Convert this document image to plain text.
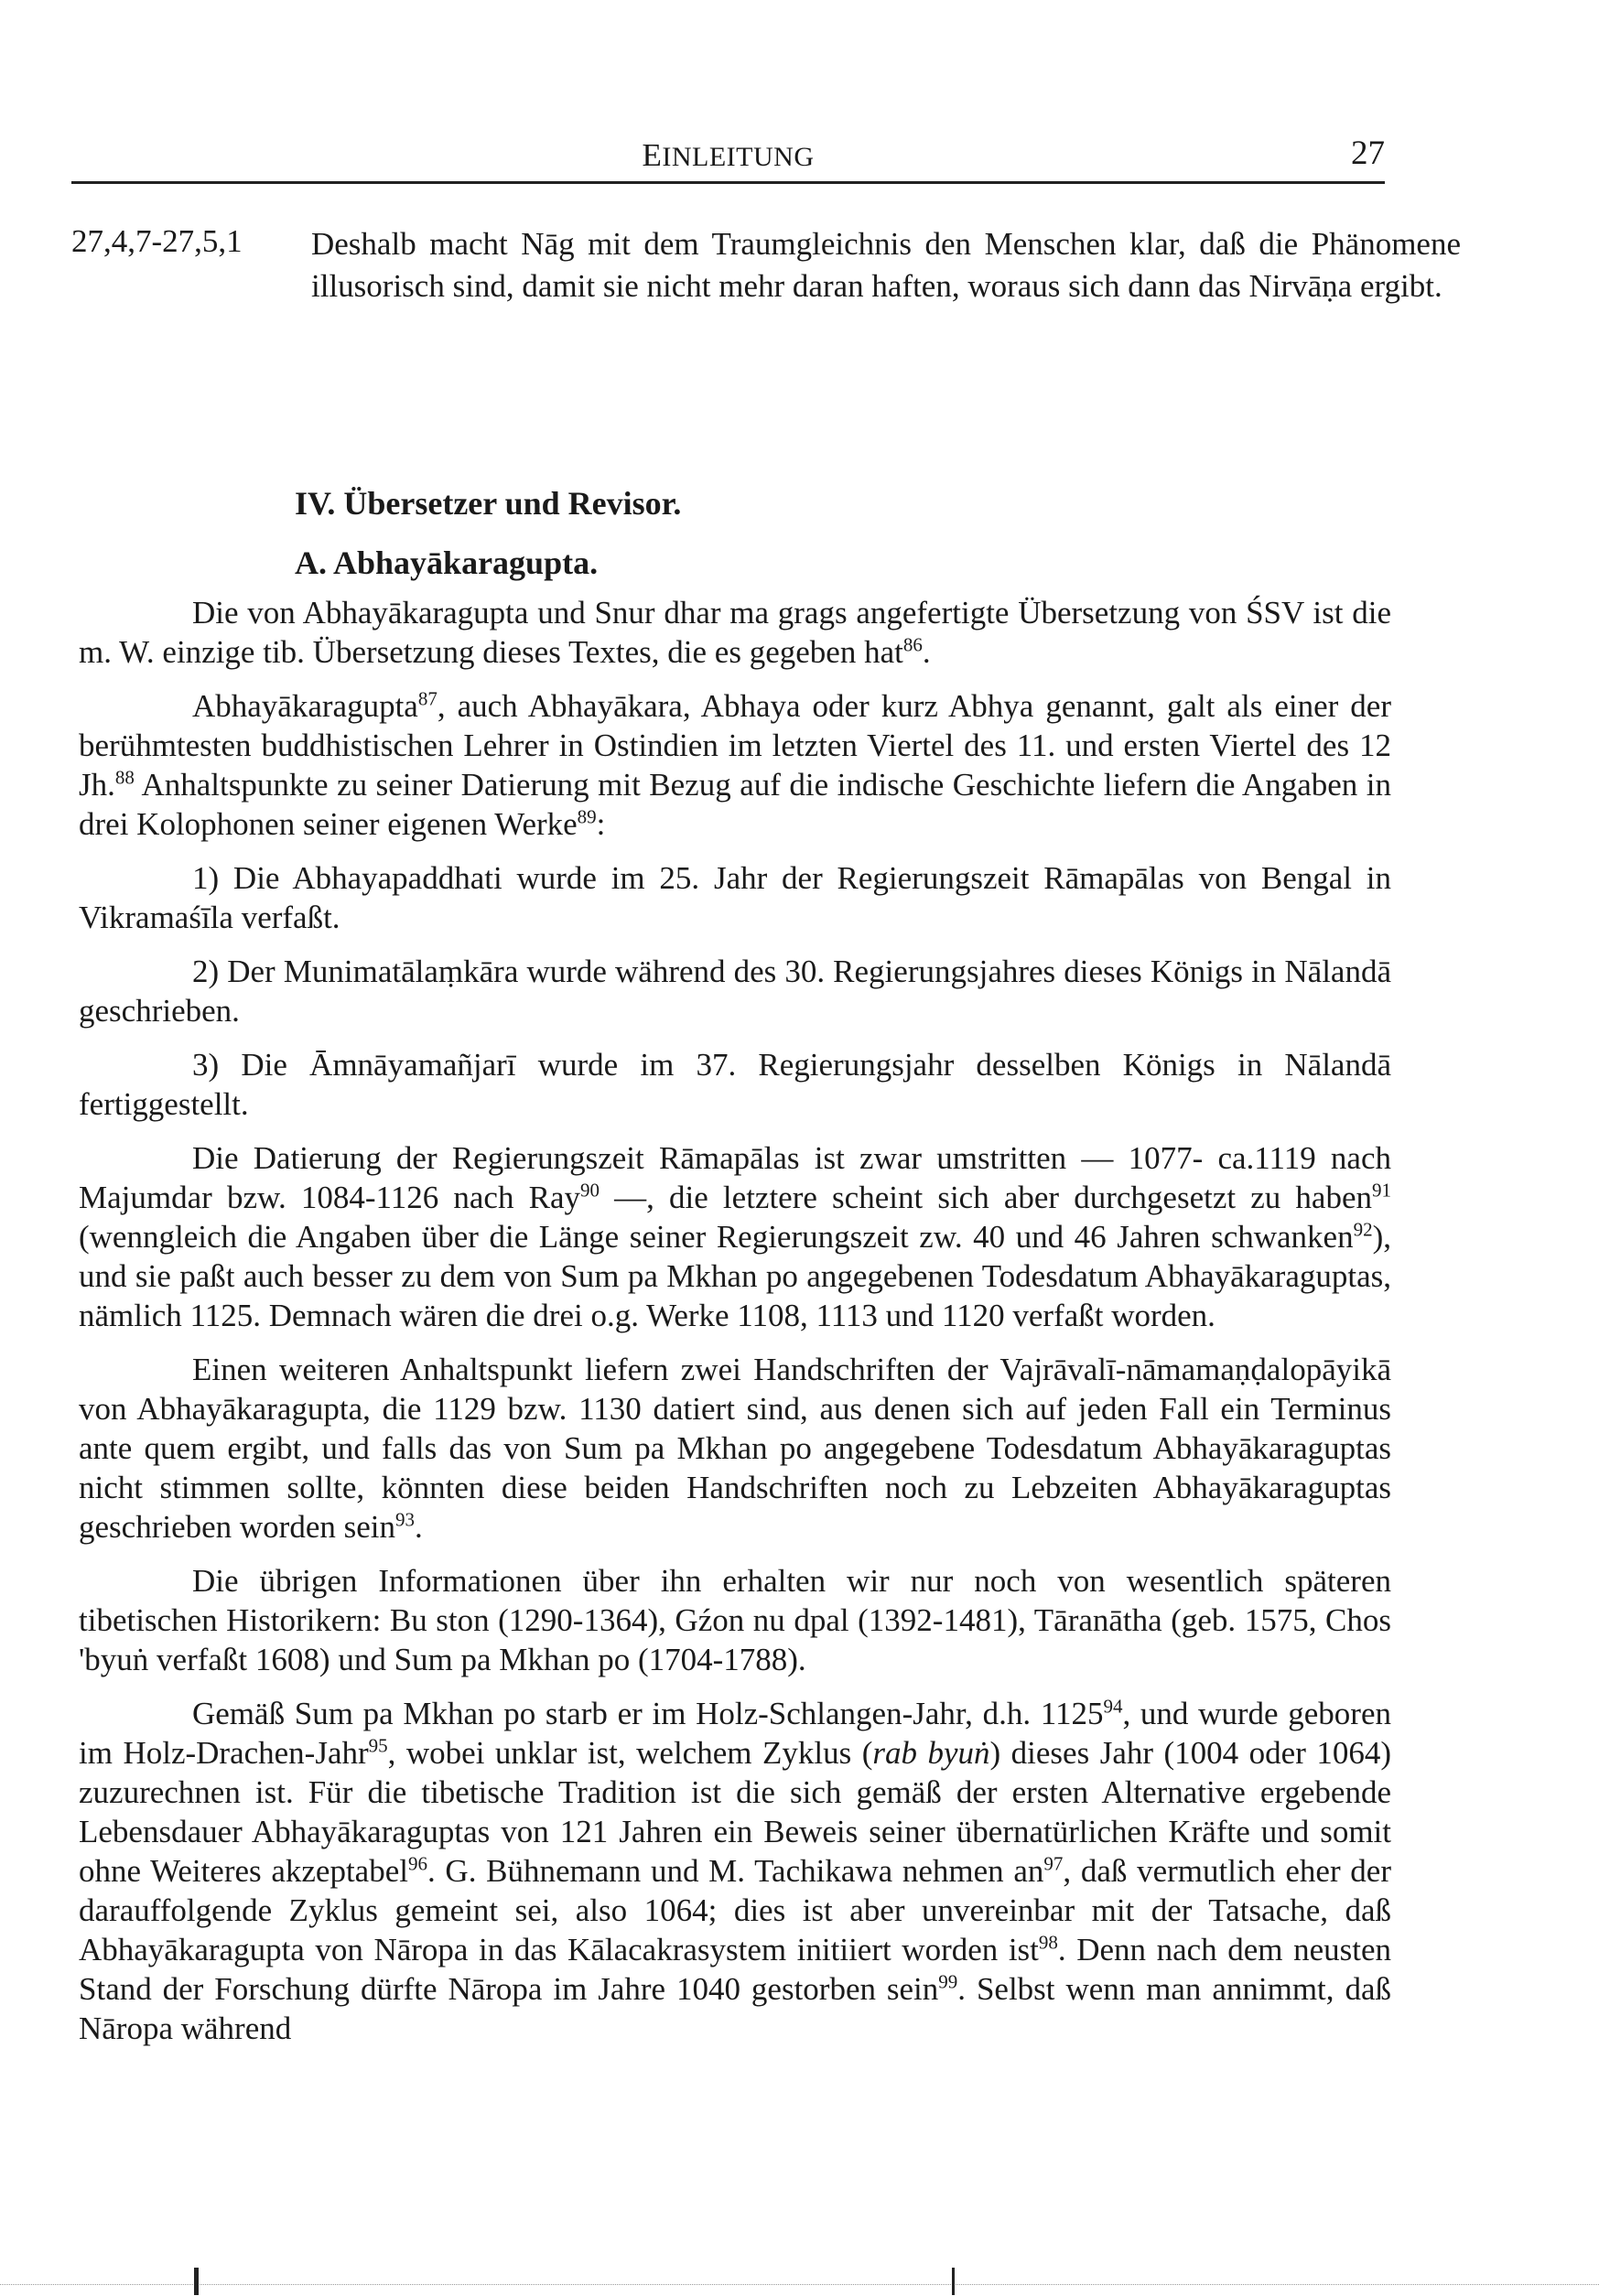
EINLEITUNG	27
27,4,7-27,5,1 Deshalb macht Nāg mit dem Traumgleichnis den Menschen klar, daß die Phänomene illusorisch sind, damit sie nicht mehr daran haften, woraus sich dann das Nirvāṇa ergibt.
IV. Übersetzer und Revisor.
A. Abhayākaragupta.

Die von Abhayākaragupta und Snur dhar ma grags angefertigte Übersetzung von ŚSV ist die m. W. einzige tib. Übersetzung dieses Textes, die es gegeben hat$^{86}$.

Abhayākaragupta$^{87}$, auch Abhayākara, Abhaya oder kurz Abhya genannt, galt als einer der berühmtesten buddhistischen Lehrer in Ostindien im letzten Viertel des 11. und ersten Viertel des 12 Jh.$^{88}$ Anhaltspunkte zu seiner Datierung mit Bezug auf die indische Geschichte liefern die Angaben in drei Kolophonen seiner eigenen Werke$^{89}$:

1) Die Abhayapaddhati wurde im 25. Jahr der Regierungszeit Rāmapālas von Bengal in Vikramaśīla verfaßt.

2) Der Munimatālaṃkāra wurde während des 30. Regierungsjahres dieses Königs in Nālandā geschrieben.

3) Die Āmnāyamañjarī wurde im 37. Regierungsjahr desselben Königs in Nālandā fertiggestellt.

Die Datierung der Regierungszeit Rāmapālas ist zwar umstritten — 1077- ca.1119 nach Majumdar bzw. 1084-1126 nach Ray$^{90}$ —, die letztere scheint sich aber durchgesetzt zu haben$^{91}$ (wenngleich die Angaben über die Länge seiner Regierungszeit zw. 40 und 46 Jahren schwanken$^{92}$), und sie paßt auch besser zu dem von Sum pa Mkhan po angegebenen Todesdatum Abhayākaraguptas, nämlich 1125. Demnach wären die drei o.g. Werke 1108, 1113 und 1120 verfaßt worden.

Einen weiteren Anhaltspunkt liefern zwei Handschriften der Vajrāvalī-nāmamaṇḍalopāyikā von Abhayākaragupta, die 1129 bzw. 1130 datiert sind, aus denen sich auf jeden Fall ein Terminus ante quem ergibt, und falls das von Sum pa Mkhan po angegebene Todesdatum Abhayākaraguptas nicht stimmen sollte, könnten diese beiden Handschriften noch zu Lebzeiten Abhayākaraguptas geschrieben worden sein$^{93}$.

Die übrigen Informationen über ihn erhalten wir nur noch von wesentlich späteren tibetischen Historikern: Bu ston (1290-1364), Gźon nu dpal (1392-1481), Tāranātha (geb. 1575, Chos 'byuṅ verfaßt 1608) und Sum pa Mkhan po (1704-1788).

Gemäß Sum pa Mkhan po starb er im Holz-Schlangen-Jahr, d.h. 1125$^{94}$, und wurde geboren im Holz-Drachen-Jahr$^{95}$, wobei unklar ist, welchem Zyklus (rab byuṅ) dieses Jahr (1004 oder 1064) zuzurechnen ist. Für die tibetische Tradition ist die sich gemäß der ersten Alternative ergebende Lebensdauer Abhayākaraguptas von 121 Jahren ein Beweis seiner übernatürlichen Kräfte und somit ohne Weiteres akzeptabel$^{96}$. G. Bühnemann und M. Tachikawa nehmen $an^{97}$, daß vermutlich eher der darauffolgende Zyklus gemeint sei, also 1064; dies ist aber unvereinbar mit der Tatsache, daß Abhayākaragupta von Nāropa in das Kālacakrasystem initiiert worden ist$^{98}$. Denn nach dem neusten Stand der Forschung dürfte Nāropa im Jahre 1040 gestorben sein$^{99}$. Selbst wenn man annimmt, daß Nāropa während
